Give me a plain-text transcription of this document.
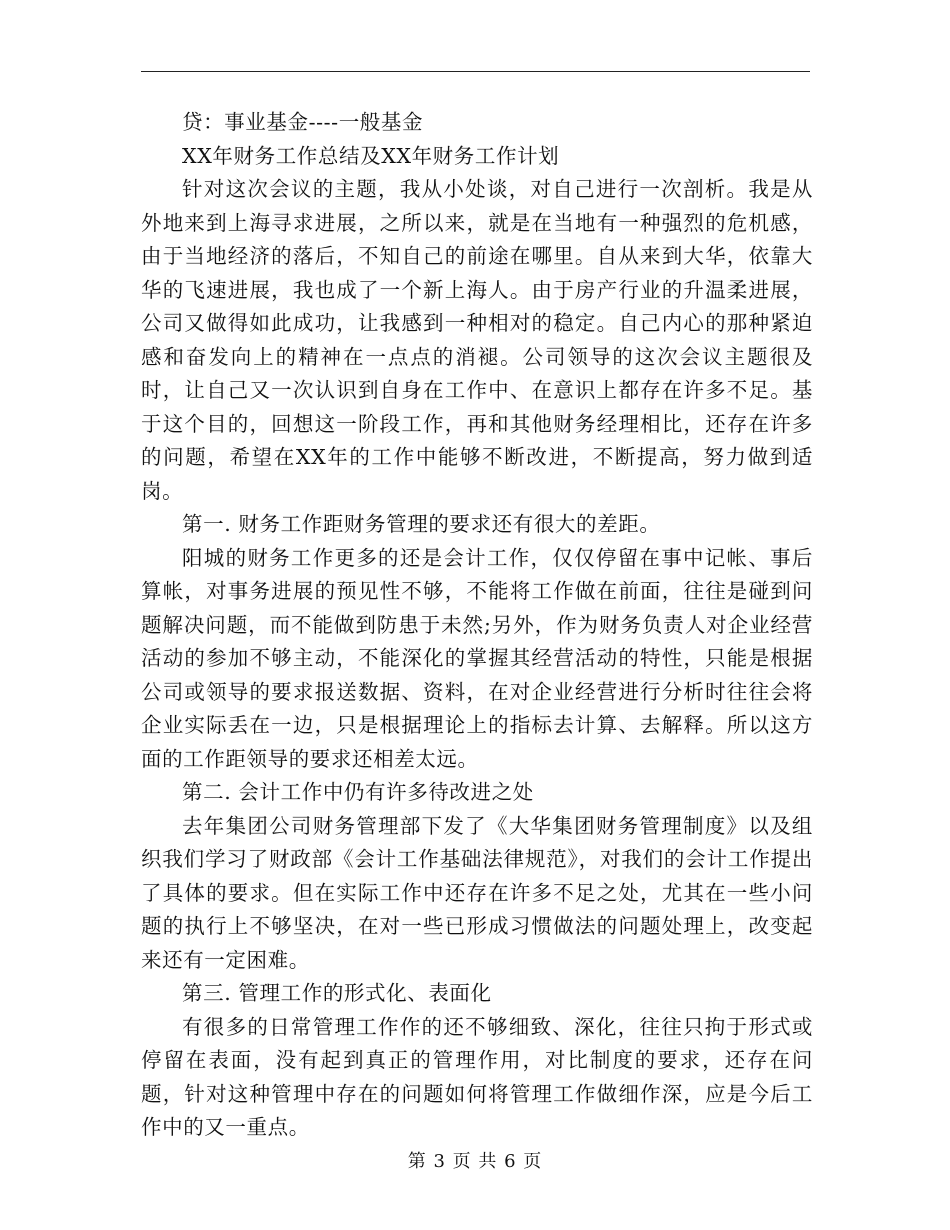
贷：事业基金----一般基金

XX年财务工作总结及XX年财务工作计划

针对这次会议的主题，我从小处谈，对自己进行一次剖析。我是从外地来到上海寻求进展，之所以来，就是在当地有一种强烈的危机感，由于当地经济的落后，不知自己的前途在哪里。自从来到大华，依靠大华的飞速进展，我也成了一个新上海人。由于房产行业的升温柔进展，公司又做得如此成功，让我感到一种相对的稳定。自己内心的那种紧迫感和奋发向上的精神在一点点的消褪。公司领导的这次会议主题很及时，让自己又一次认识到自身在工作中、在意识上都存在许多不足。基于这个目的，回想这一阶段工作，再和其他财务经理相比，还存在许多的问题，希望在XX年的工作中能够不断改进，不断提高，努力做到适岗。

第一. 财务工作距财务管理的要求还有很大的差距。

阳城的财务工作更多的还是会计工作，仅仅停留在事中记帐、事后算帐，对事务进展的预见性不够，不能将工作做在前面，往往是碰到问题解决问题，而不能做到防患于未然;另外，作为财务负责人对企业经营活动的参加不够主动，不能深化的掌握其经营活动的特性，只能是根据公司或领导的要求报送数据、资料，在对企业经营进行分析时往往会将企业实际丢在一边，只是根据理论上的指标去计算、去解释。所以这方面的工作距领导的要求还相差太远。

第二. 会计工作中仍有许多待改进之处

去年集团公司财务管理部下发了《大华集团财务管理制度》以及组织我们学习了财政部《会计工作基础法律规范》，对我们的会计工作提出了具体的要求。但在实际工作中还存在许多不足之处，尤其在一些小问题的执行上不够坚决，在对一些已形成习惯做法的问题处理上，改变起来还有一定困难。

第三. 管理工作的形式化、表面化

有很多的日常管理工作作的还不够细致、深化，往往只拘于形式或停留在表面，没有起到真正的管理作用，对比制度的要求，还存在问题，针对这种管理中存在的问题如何将管理工作做细作深，应是今后工作中的又一重点。

第 3 页 共 6 页
